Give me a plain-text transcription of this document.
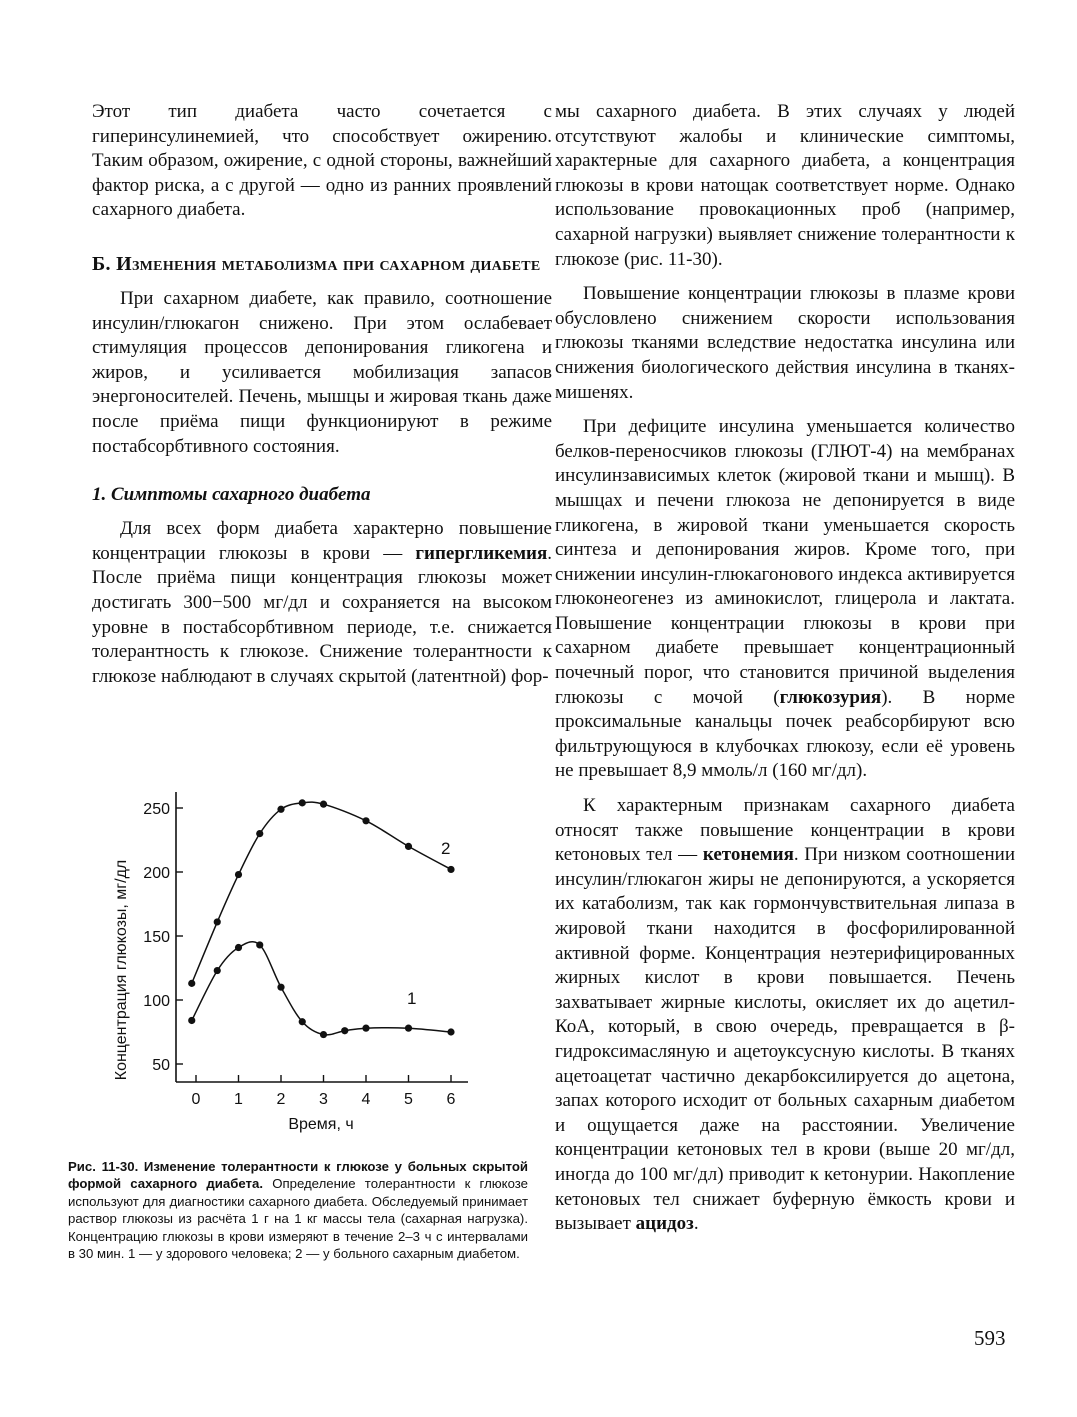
Этот тип диабета часто сочетается с гиперинсулинемией, что способствует ожирению. Таким образом, ожирение, с одной стороны, важнейший фактор риска, а с другой — одно из ранних проявлений сахарного диабета.

Б. Изменения метаболизма при сахарном диабете

При сахарном диабете, как правило, соотношение инсулин/глюкагон снижено. При этом ослабевает стимуляция процессов депонирования гликогена и жиров, и усиливается мобилизация запасов энергоносителей. Печень, мышцы и жировая ткань даже после приёма пищи функционируют в режиме постабсорбтивного состояния.

1. Симптомы сахарного диабета

Для всех форм диабета характерно повышение концентрации глюкозы в крови — гипергликемия. После приёма пищи концентрация глюкозы может достигать 300−500 мг/дл и сохраняется на высоком уровне в постабсорбтивном периоде, т.е. снижается толерантность к глюкозе. Снижение толерантности к глюкозе наблюдают в случаях скрытой (латентной) фор-

Концентрация глюкозы, мг/дл 50
100
150
200
250
0 1 2 3 4 5 6
2
1
Время, ч
Рис. 11-30. Изменение толерантности к глюкозе у больных скрытой формой сахарного диабета. Определение толерантности к глюкозе используют для диагностики сахарного диабета. Обследуемый принимает раствор глюкозы из расчёта 1 г на 1 кг массы тела (сахарная нагрузка). Концентрацию глюкозы в крови измеряют в течение 2–3 ч с интервалами в 30 мин. 1 — у здорового человека; 2 — у больного сахарным диабетом.

мы сахарного диабета. В этих случаях у людей отсутствуют жалобы и клинические симптомы, характерные для сахарного диабета, а концентрация глюкозы в крови натощак соответствует норме. Однако использование провокационных проб (например, сахарной нагрузки) выявляет снижение толерантности к глюкозе (рис. 11-30).

Повышение концентрации глюкозы в плазме крови обусловлено снижением скорости использования глюкозы тканями вследствие недостатка инсулина или снижения биологического действия инсулина в тканях-мишенях.

При дефиците инсулина уменьшается количество белков-переносчиков глюкозы (ГЛЮТ-4) на мембранах инсулинзависимых клеток (жировой ткани и мышц). В мышцах и печени глюкоза не депонируется в виде гликогена, в жировой ткани уменьшается скорость синтеза и депонирования жиров. Кроме того, при снижении инсулин-глюкагонового индекса активируется глюконеогенез из аминокислот, глицерола и лактата. Повышение концентрации глюкозы в крови при сахарном диабете превышает концентрационный почечный порог, что становится причиной выделения глюкозы с мочой (глюкозурия). В норме проксимальные канальцы почек реабсорбируют всю фильтрующуюся в клубочках глюкозу, если её уровень не превышает 8,9 ммоль/л (160 мг/дл).

К характерным признакам сахарного диабета относят также повышение концентрации в крови кетоновых тел — кетонемия. При низком соотношении инсулин/глюкагон жиры не депонируются, а ускоряется их катаболизм, так как гормончувствительная липаза в жировой ткани находится в фосфорилированной активной форме. Концентрация неэтерифицированных жирных кислот в крови повышается. Печень захватывает жирные кислоты, окисляет их до ацетил-КоА, который, в свою очередь, превращается в β-гидроксимасляную и ацетоуксусную кислоты. В тканях ацетоацетат частично декарбоксилируется до ацетона, запах которого исходит от больных сахарным диабетом и ощущается даже на расстоянии. Увеличение концентрации кетоновых тел в крови (выше 20 мг/дл, иногда до 100 мг/дл) приводит к кетонурии. Накопление кетоновых тел снижает буферную ёмкость крови и вызывает ацидоз.

593
